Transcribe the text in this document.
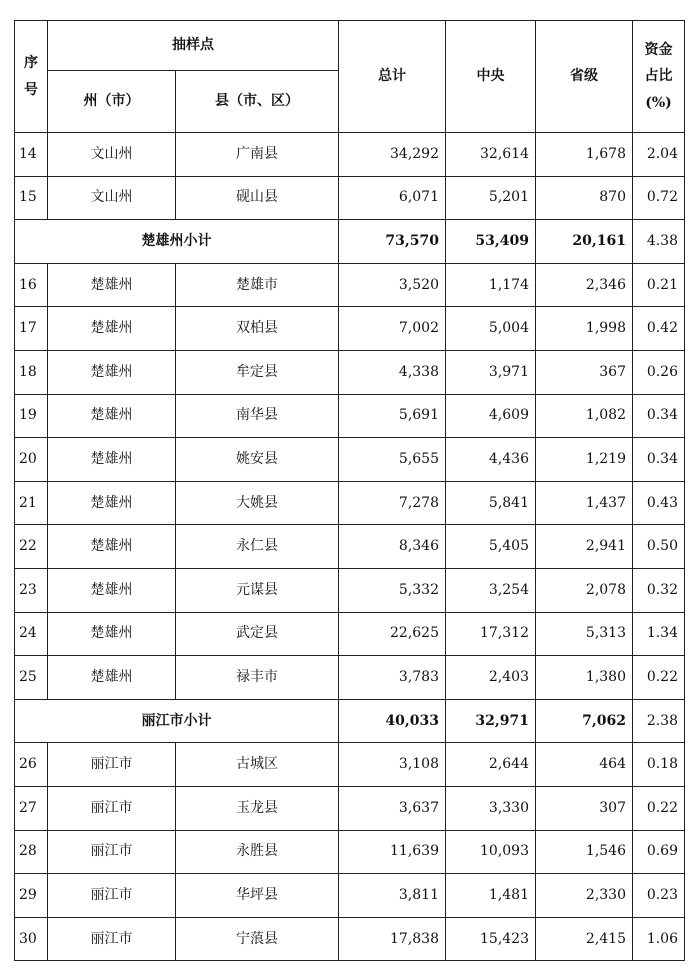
序
号	抽样点		总计	中央	省级	资金
占比
(%)

	州（市）	县（市、区）				
14	文山州	广南县	34,292	32,614	1,678	2.04
15	文山州	砚山县	6,071	5,201	870	0.72
楚雄州小计			73,570	53,409	20,161	4.38
16	楚雄州	楚雄市	3,520	1,174	2,346	0.21
17	楚雄州	双柏县	7,002	5,004	1,998	0.42
18	楚雄州	牟定县	4,338	3,971	367	0.26
19	楚雄州	南华县	5,691	4,609	1,082	0.34
20	楚雄州	姚安县	5,655	4,436	1,219	0.34
21	楚雄州	大姚县	7,278	5,841	1,437	0.43
22	楚雄州	永仁县	8,346	5,405	2,941	0.50
23	楚雄州	元谋县	5,332	3,254	2,078	0.32
24	楚雄州	武定县	22,625	17,312	5,313	1.34
25	楚雄州	禄丰市	3,783	2,403	1,380	0.22
丽江市小计			40,033	32,971	7,062	2.38
26	丽江市	古城区	3,108	2,644	464	0.18
27	丽江市	玉龙县	3,637	3,330	307	0.22
28	丽江市	永胜县	11,639	10,093	1,546	0.69
29	丽江市	华坪县	3,811	1,481	2,330	0.23
30	丽江市	宁蒗县	17,838	15,423	2,415	1.06
